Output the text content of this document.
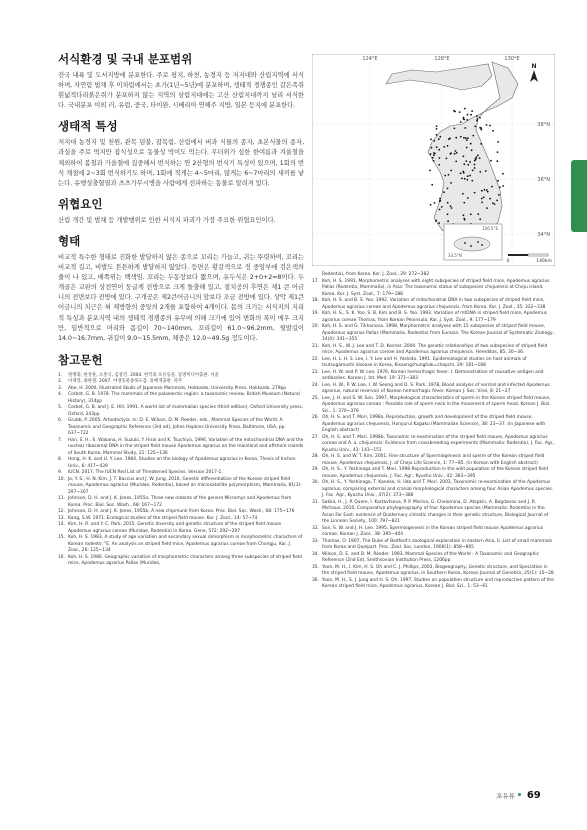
서식환경 및 국내 분포범위

전국 내륙 및 도서지방에 분포한다. 주로 평지, 하천, 농경지 등 저지대와 산림지역에 서식하며, 자연림 벌채 후 이차림에서는 초기(1년~5년)에 분포하며, 생태적 경쟁종인 갈은족쥐 흰넓적다리붉은쥐가 분포하지 않는 지역의 삼림지대에는 고산 산림지대까지 널리 서식한다. 국내분포 이외 러, 유럽, 중국, 타이완, 시베리아 연해주 지방, 일본 등지에 분포한다.

생태적 특성

저지대 농경지 및 천원, 관목 덤불, 잡목림, 산림에서 버과 식물의 종자, 초본식물의 종자, 과실을 주로 먹지만 잡식성으로 동물성 먹이도 먹는다. 무더위가 심한 한여름과 겨울철을 제외하여 봄철과 가을철에 집중해서 번식하는 연 2산형의 번식기 특성이 있으며, 1회의 번식 계절에 2~3회 번식하기도 하며, 1회에 적게는 4~5마리, 많게는 6~7마리의 새끼를 낳는다. 유행성출혈열과 츠츠가무시병을 사람에게 전파하는 동물로 알려져 있다.

위협요인

산림 개간 및 벌채 등 개발행위로 인한 서식지 파괴가 가장 주요한 위협요인이다.

형태

비교적 특수한 형태로 진화한 발달하지 않은 종으로 꼬리는 가늘고, 귀는 뚜렷하며, 꼬리는 비교적 길고, 비발도 튼튼하게 발달하지 않았다. 등면은 황갈색으로 정 중앙부에 검은색의 줄이 나 있고, 배쪽위는 백색임. 꼬리는 두동장보다 짧으며, 유두식은 2+0+2=8이다. 두개골은 교판의 상전연이 둥글게 전방으로 크게 돌출해 있고, 절치공의 후연은 제1 큰 어금니의 전면보다 전방에 있다. 구개공은 제2큰어금니의 앞보다 조금 전방에 있다. 상악 제1큰어금니의 치근은 혀 제방향의 중앙의 2개를 포함하여 4개이다. 몸의 크기는 서식지의 지리적 특성과 분포지역 내의 생태적 경쟁종의 유무에 의해 크기에 있어 변화의 폭이 매우 크지만, 일반적으로 머리와 몸길이 70~140mm, 꼬리길이 61.0~96.2mm, 뒷발길이 14.0~16.7mm, 귀길이 9.0~15.5mm, 체중은 12.0~49.5g 정도이다.

참고문헌
1.	원병휘, 한상훈, 오홍식, 김창진. 2004. 한국의 포유동물. 동방미디어출판. 서울
2.	이재영, 최한철. 2007. 야생동물종목도감. 돌베개출판. 파주
3.	Abe, H. 2000, Illustrated Skulls of Japanese Mammals, Hokkaido, University Press, Hokkaido. 279pp
4.	Corbet, G. B. 1978. The mammals of the palaearctic region: a taxonomic review, British Museum (Natural History), 314pp
5.	Corbet, G. B. and J. E. Hill, 1991, A world list of mammalian species (third edition), Oxford University press, Oxford, 243pp
6.	Grubb, P. 2005, Artiodactyla. In: D. E. Wilson, D. M. Reeder, eds., Mammal Species of the World, A Taxonomic and Geographic Reference (3rd ed), Johns Hopkins University Press, Baltimore, USA, pp. 637~722
7.	Han, S. H., S. Wakana, H. Suzuki, Y. Hirai and K. Tsuchiya, 1996, Variation of the mitochondrial DNA and the nuclear ribosomal DNA in the striped field mouse Apodemus agrarius on the mainland and offshore islands of South Korea, Mammal Study, 21: 125~136
8.	Hong, H. K. and U. Y. Lee, 1984, Studies on the biology of Apodemus agrarius in Korea, Thesis of Inchon Univ., 6: 417~439
9.	IUCN. 2017, The IUCN Red List of Threatened Species. Version 2017-1.
10. Jo, Y. S., H. N. Kim, J. T. Baccus and J. W. Jung, 2016, Genetic differentiation of the Korean striped field mouse, Apodemus agrarius (Muridae, Rodentia), based on microsatellite polymorphism, Mammalia, 81(3): 297~307
11. Johnson, D. H. and J. K. Jones, 1955a. Three new rodents of the genera Micromys and Apodemus from Korea. Proc. Biol. Soc. Wash., 68: 167~172
12. Johnson, D. H. and J. K. Jones, 1955b, A new chipmunk from Korea. Proc. Biol. Soc. Wash., 68: 175~176
13. Kang, S.W. 1971. Ecological studies of the striped field mouse. Kor. J. Zool., 14: 57~74
14. Kim, H. R. and Y. C. Park, 2015. Genetic diversity and genetic structure of the striped field mouse Apodemus agrarius coreae (Muridae, Rodentia) in Korea. Gene, 572: 292~297
15. Koh, H. S. 1983, A study of age variation and secondary sexual dimorphism in morphometric characters of Korean rodents: "E. An analysis on striped field mice, Apodemus agrarius coreae from Chongju. Kor. J. Zool., 26: 125~134
16. Koh, H. S. 1986, Geographic variation of morphometric characters among three subspecies of striped field mice, Apodemus agrarius Pallas (Muridae,
124°E	128°E	130°E
38°N
36°N
34°N
N
126.5°E
33.5°N
0	140km
Rodentia), from Korea. Kor. J. Zool., 29: 272~282
17. Koh, H. S. 1991, Morphometric analyses with eight subspecies of striped field mice, Apodemus agrarius Pallas (Rodentia, Mammalia), in Asia: The taxonomic status of subspecies chejuensis at Cheju island, Korea. Kor. J. Syst. Zool., 7: 179~188
18. Koh, H. S. and B. S. Yoo. 1992. Variation of mitochondrial DNA in two subspecies of striped field mice, Apodemus agrarius coreae and Apodemus agrarius chejuensis, from Korea. Kor. J. Zool., 35: 332~338
19. Koh, H. S., S. K. Yoo, S. B. Kim and B. S. Yoo. 1993. Variation of mtDNA in striped field mice, Apodemus agrarius coreae Thomas, from Korean Peninsula. Kor. J. Syst. Zool., 9: 177~179
20. Koh, H. S. and G. Tikhonova. 1998, Morphometric analyses with 15 subspecies of striped field mouse, Apodemus agrarius Pallas (Mammalia, Rodentia) from Eurasia. The Korean Journal of Systematic Zoology, 14(4): 341~355
21. Koh, H. S., W. J. Lee and T. D. Kocher. 2000. The genetic relationships of two subspecies of striped field mice, Apodemus agrarius coreae and Apodemus agrarius chejuensis. Hereditas, 85: 30~36.
22. Lee, H. L. H. S. Lee, I. Y. Lee and H. Yoshida. 1991. Epidemiological studies on host animals of tsutsugamushi disease in Korea, Kisaengchunghak=chapchi, 29: 181~188
23. Lee, H. W. and P. W. Lee, 1976, Korean hemorrhagic fever: I. Demonstration of causative antigen and antibodies. Korean J. Int. Med. 19: 371~383
24. Lee, H. W., P. W. Lee, I. W. Seong and D. S. Park. 1978, Blood analysis of normal and infected Apodemus agrarius, natural reservoir of Korean hemorrhagic fever. Korean J. Soc. Virol, 8: 21~27
25. Lee, J. H. and S. W. Son. 1997, Morphological characteristics of sperm in the Korean striped field mouse, Apodemus agrarius coreae : Possible role of sperm neck in the movement of sperm head, Korean J. Biol. Sci., 1: 370~379
26. Oh, H. S. and T. Mori, 1998a, Reproduction, growth and development of the striped field mouse, Apodemus agrarius chejuensis, Honyurui Kagaku (Mammalian Science), 38: 23~37. (in Japanese with English abstract)
27. Oh, H. S. and T. Mori. 1998b, Taxonomic re-examination of the striped field mouse, Apodemus agrarius coreae and A. a. chejuensis: Evidence from crossbreeding experiments (Mammalia: Rodentia), J. Fac. Agr., Kyushu Univ., 43: 143~151
28. Oh, H. S. and W. T. Kim, 2001, Fine structure of Spermiogenesis and sperm of the Korean striped field mouse, Apodemus chejuensis, J. of Cheju Life Science, 1: 77~85. (in Korean with English abstract)
29. Oh, H. S., Y. Yoshinaga and T. Mori. 1998 Reproduction in the wild population of the Korean striped field mouse, Apodemus chejuensis, J. Fac. Agr., Kyushu Univ., 42: 383~395
30. Oh, H. S., Y. Yoshinaga, T. Kaneko, H. Iida and T. Mori. 2003, Taxonomic re-examination of the Apodemus agrarius, comparing external and cranial morphological characters among four Asian Apodemus species. J. Fac. Agr., Kyushu Univ., 47(2): 373~386
31. Sakka, H., J. P. Quere, I. Kartavtseva, P. P. Marina, G. Chelomina, D. Atopkin, A. Bogdanov and J. R. Michaux. 2010, Comparative phylogeography of four Apodemus species (Mammalia: Rodentia) in the Asian Far East: evidence of Quaternary climatic changes in their genetic structure, Biological Journal of the Linnean Society, 100: 797~821
32. Son, S. W. and J. H. Lee. 1995, Spermiogenesis in the Korean striped field mouse Apodemus agrarius coreae. Korean J. Zool., 38: 395~404
33. Thomas, O. 1907, The Duke of Bedford's zoological exploration in eastern Asia, II. List of small mammals from Korea and Quelpart. Proc. Zool. Soc. London, 1906(1): 858~865
34. Wilson, D. E. and D. M. Reeder. 1993, Mammal Species of the World - A Taxonomic and Geographic Reference (2nd Ed), Smithsonian Institution Press, 1206pp
35. Yoon, M. H., I. Kim, H. S. Oh and C. J. Phillips, 2003, Biogeography, Genetic structure, and Speciation in the striped field mouse, Apodemus agrarius, in Southern Korea, Korean Journal of Genetics, 25(1): 15~28
36. Yoon, M. H., S. J. Jung and H. S. Oh. 1997. Studies on population structure and reproductive pattern of the Korean striped field mice, Apodemus agrarius, Korean J. Biol. Sci., 1: 53~61
포유류 69
